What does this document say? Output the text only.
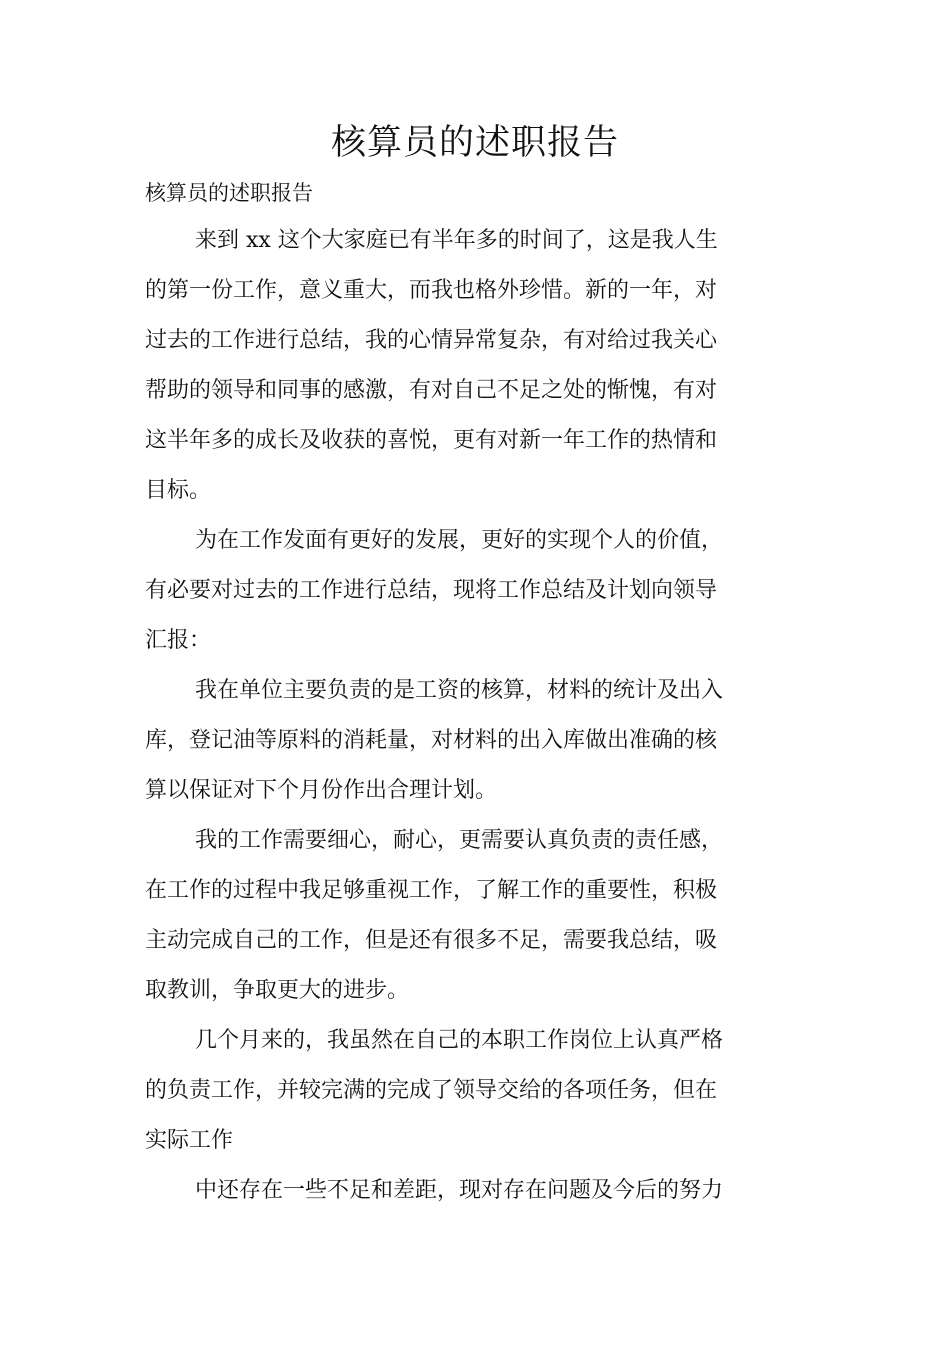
核算员的述职报告
核算员的述职报告
来到 xx 这个大家庭已有半年多的时间了，这是我人生
的第一份工作，意义重大，而我也格外珍惜。新的一年，对
过去的工作进行总结，我的心情异常复杂，有对给过我关心
帮助的领导和同事的感激，有对自己不足之处的惭愧，有对
这半年多的成长及收获的喜悦，更有对新一年工作的热情和
目标。
为在工作发面有更好的发展，更好的实现个人的价值，
有必要对过去的工作进行总结，现将工作总结及计划向领导
汇报：
我在单位主要负责的是工资的核算，材料的统计及出入
库，登记油等原料的消耗量，对材料的出入库做出准确的核
算以保证对下个月份作出合理计划。
我的工作需要细心，耐心，更需要认真负责的责任感，
在工作的过程中我足够重视工作，了解工作的重要性，积极
主动完成自己的工作，但是还有很多不足，需要我总结，吸
取教训，争取更大的进步。
几个月来的，我虽然在自己的本职工作岗位上认真严格
的负责工作，并较完满的完成了领导交给的各项任务，但在
实际工作
中还存在一些不足和差距，现对存在问题及今后的努力
